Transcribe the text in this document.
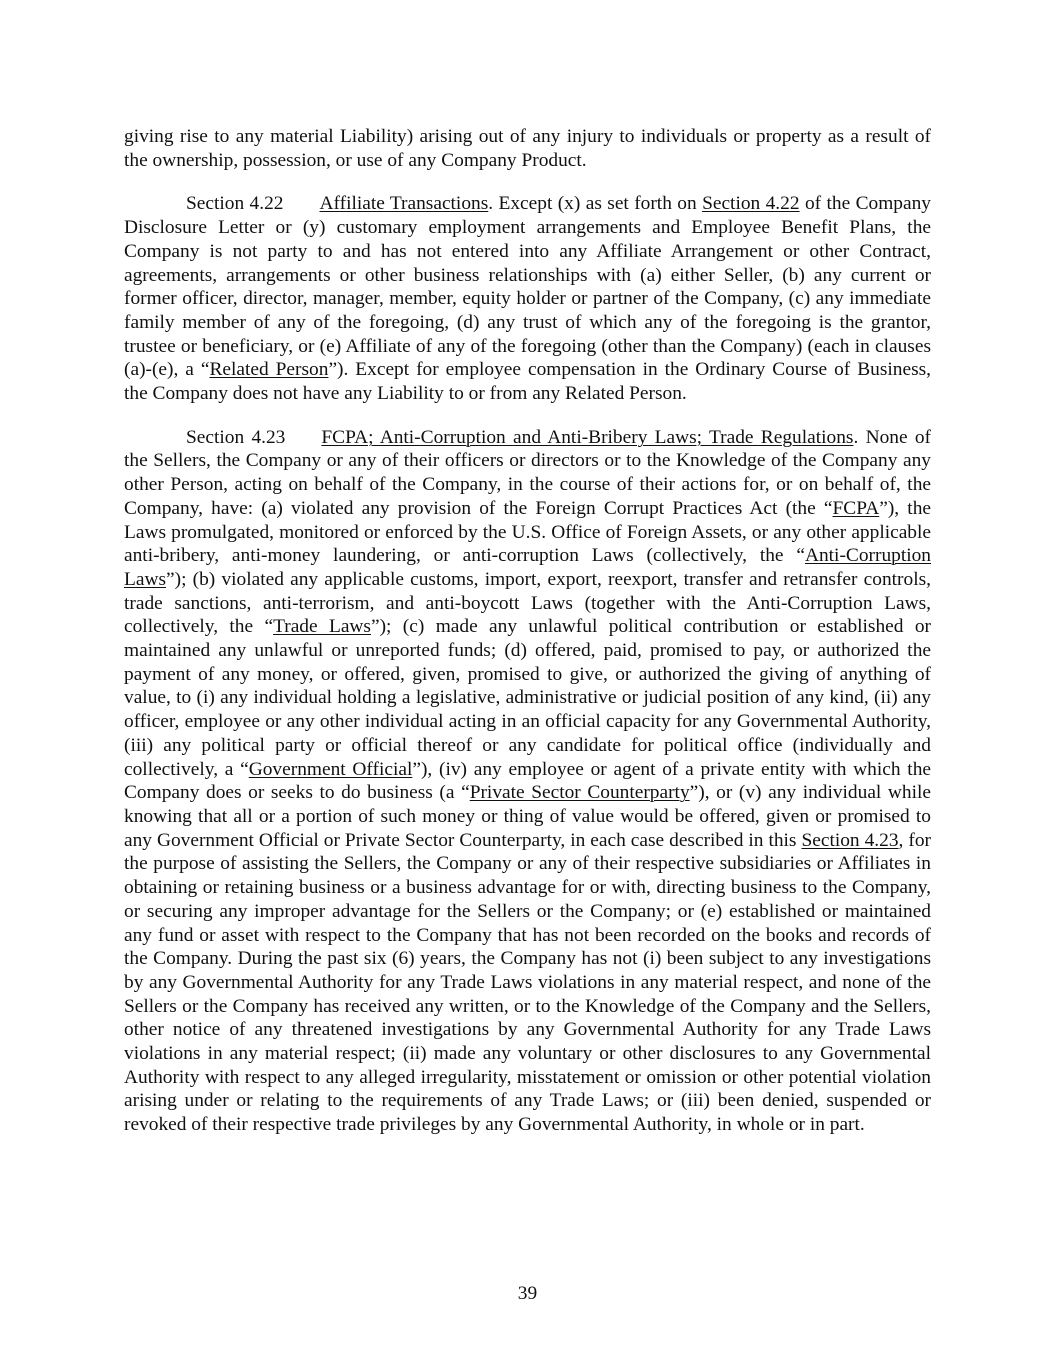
giving rise to any material Liability) arising out of any injury to individuals or property as a result of the ownership, possession, or use of any Company Product.

Section 4.22 Affiliate Transactions. Except (x) as set forth on Section 4.22 of the Company Disclosure Letter or (y) customary employment arrangements and Employee Benefit Plans, the Company is not party to and has not entered into any Affiliate Arrangement or other Contract, agreements, arrangements or other business relationships with (a) either Seller, (b) any current or former officer, director, manager, member, equity holder or partner of the Company, (c) any immediate family member of any of the foregoing, (d) any trust of which any of the foregoing is the grantor, trustee or beneficiary, or (e) Affiliate of any of the foregoing (other than the Company) (each in clauses (a)-(e), a “Related Person”). Except for employee compensation in the Ordinary Course of Business, the Company does not have any Liability to or from any Related Person.

Section 4.23 FCPA; Anti-Corruption and Anti-Bribery Laws; Trade Regulations. None of the Sellers, the Company or any of their officers or directors or to the Knowledge of the Company any other Person, acting on behalf of the Company, in the course of their actions for, or on behalf of, the Company, have: (a) violated any provision of the Foreign Corrupt Practices Act (the “FCPA”), the Laws promulgated, monitored or enforced by the U.S. Office of Foreign Assets, or any other applicable anti-bribery, anti-money laundering, or anti-corruption Laws (collectively, the “Anti-Corruption Laws”); (b) violated any applicable customs, import, export, reexport, transfer and retransfer controls, trade sanctions, anti-terrorism, and anti-boycott Laws (together with the Anti-Corruption Laws, collectively, the “Trade Laws”); (c) made any unlawful political contribution or established or maintained any unlawful or unreported funds; (d) offered, paid, promised to pay, or authorized the payment of any money, or offered, given, promised to give, or authorized the giving of anything of value, to (i) any individual holding a legislative, administrative or judicial position of any kind, (ii) any officer, employee or any other individual acting in an official capacity for any Governmental Authority, (iii) any political party or official thereof or any candidate for political office (individually and collectively, a “Government Official”), (iv) any employee or agent of a private entity with which the Company does or seeks to do business (a “Private Sector Counterparty”), or (v) any individual while knowing that all or a portion of such money or thing of value would be offered, given or promised to any Government Official or Private Sector Counterparty, in each case described in this Section 4.23, for the purpose of assisting the Sellers, the Company or any of their respective subsidiaries or Affiliates in obtaining or retaining business or a business advantage for or with, directing business to the Company, or securing any improper advantage for the Sellers or the Company; or (e) established or maintained any fund or asset with respect to the Company that has not been recorded on the books and records of the Company. During the past six (6) years, the Company has not (i) been subject to any investigations by any Governmental Authority for any Trade Laws violations in any material respect, and none of the Sellers or the Company has received any written, or to the Knowledge of the Company and the Sellers, other notice of any threatened investigations by any Governmental Authority for any Trade Laws violations in any material respect; (ii) made any voluntary or other disclosures to any Governmental Authority with respect to any alleged irregularity, misstatement or omission or other potential violation arising under or relating to the requirements of any Trade Laws; or (iii) been denied, suspended or revoked of their respective trade privileges by any Governmental Authority, in whole or in part.

39
